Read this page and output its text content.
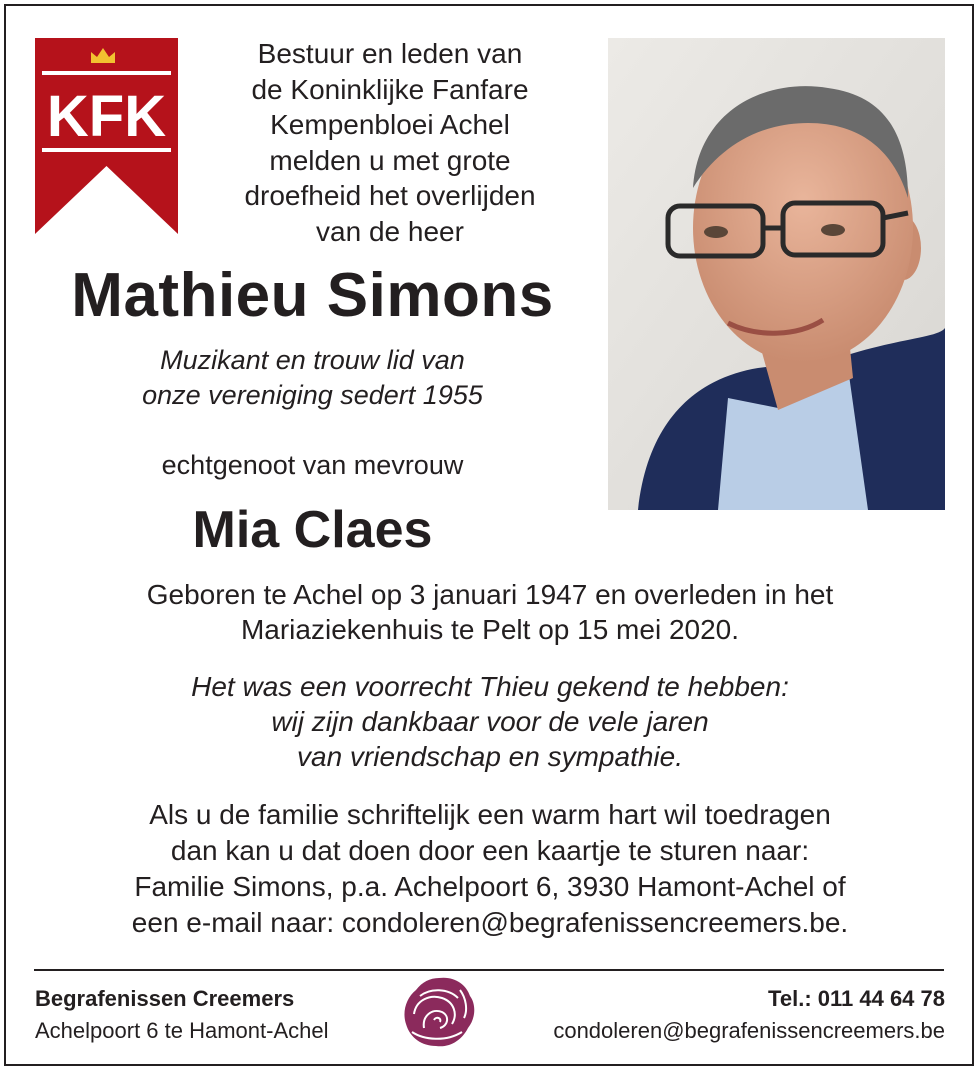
KFK
Bestuur en leden van
de Koninklijke Fanfare
Kempenbloei Achel
melden u met grote
droefheid het overlijden
van de heer
Mathieu Simons
Muzikant en trouw lid van
onze vereniging sedert 1955
echtgenoot van mevrouw
Mia Claes
Geboren te Achel op 3 januari 1947 en overleden in het
Mariaziekenhuis te Pelt op 15 mei 2020.
Het was een voorrecht Thieu gekend te hebben:
wij zijn dankbaar voor de vele jaren
van vriendschap en sympathie.
Als u de familie schriftelijk een warm hart wil toedragen
dan kan u dat doen door een kaartje te sturen naar:
Familie Simons, p.a. Achelpoort 6, 3930 Hamont-Achel of
een e-mail naar: condoleren@begrafenissencreemers.be.
Begrafenissen Creemers
Achelpoort 6 te Hamont-Achel
Tel.: 011 44 64 78
condoleren@begrafenissencreemers.be
